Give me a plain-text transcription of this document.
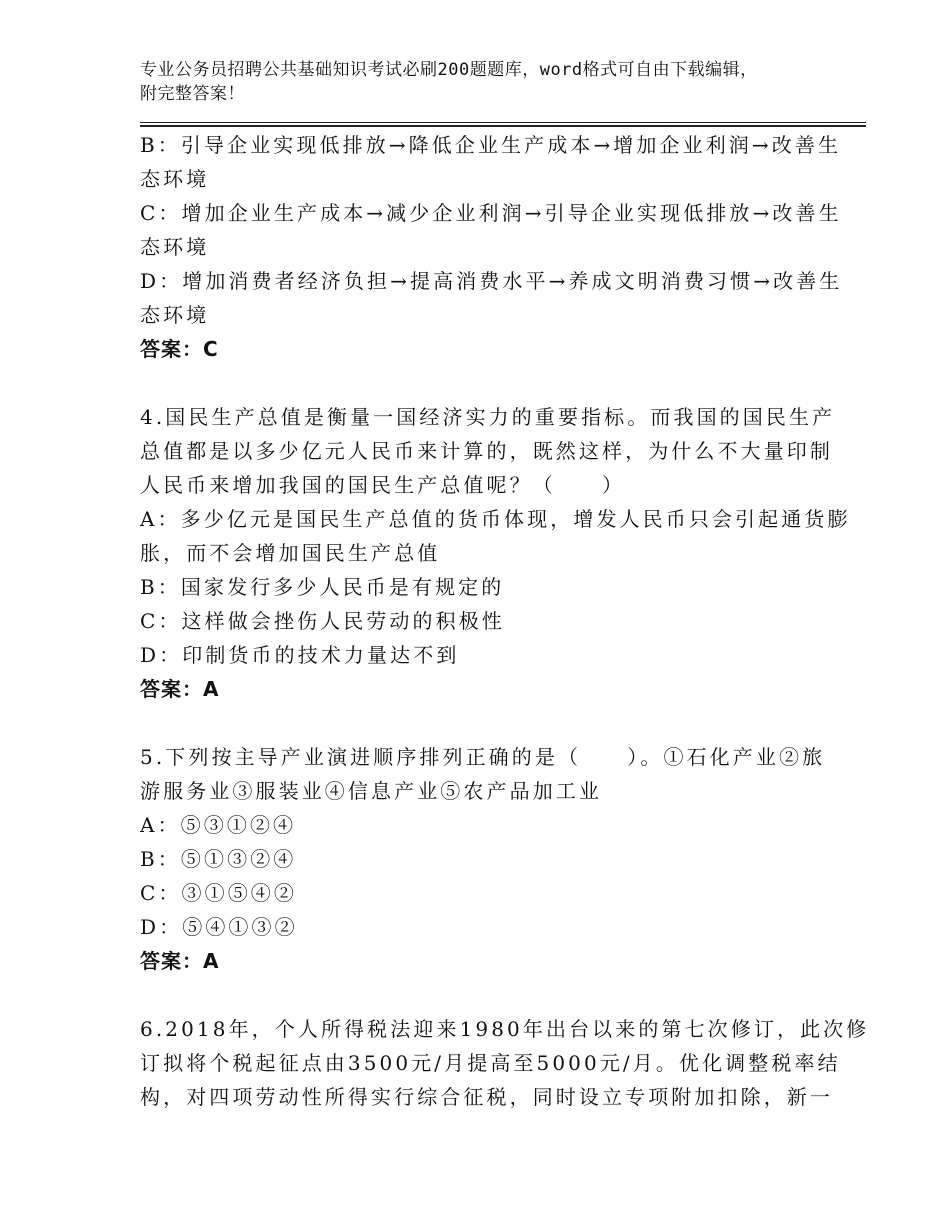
专业公务员招聘公共基础知识考试必刷200题题库，word格式可自由下载编辑，
附完整答案！
B：引导企业实现低排放→降低企业生产成本→增加企业利润→改善生
态环境
C：增加企业生产成本→减少企业利润→引导企业实现低排放→改善生
态环境
D：增加消费者经济负担→提高消费水平→养成文明消费习惯→改善生
态环境
答案：C
4.国民生产总值是衡量一国经济实力的重要指标。而我国的国民生产
总值都是以多少亿元人民币来计算的，既然这样，为什么不大量印制
人民币来增加我国的国民生产总值呢？（　　）
A：多少亿元是国民生产总值的货币体现，增发人民币只会引起通货膨
胀，而不会增加国民生产总值
B：国家发行多少人民币是有规定的
C：这样做会挫伤人民劳动的积极性
D：印制货币的技术力量达不到
答案：A
5.下列按主导产业演进顺序排列正确的是（　　）。①石化产业②旅
游服务业③服装业④信息产业⑤农产品加工业
A：⑤③①②④
B：⑤①③②④
C：③①⑤④②
D：⑤④①③②
答案：A
6.2018年，个人所得税法迎来1980年出台以来的第七次修订，此次修
订拟将个税起征点由3500元/月提高至5000元/月。优化调整税率结
构，对四项劳动性所得实行综合征税，同时设立专项附加扣除，新一
